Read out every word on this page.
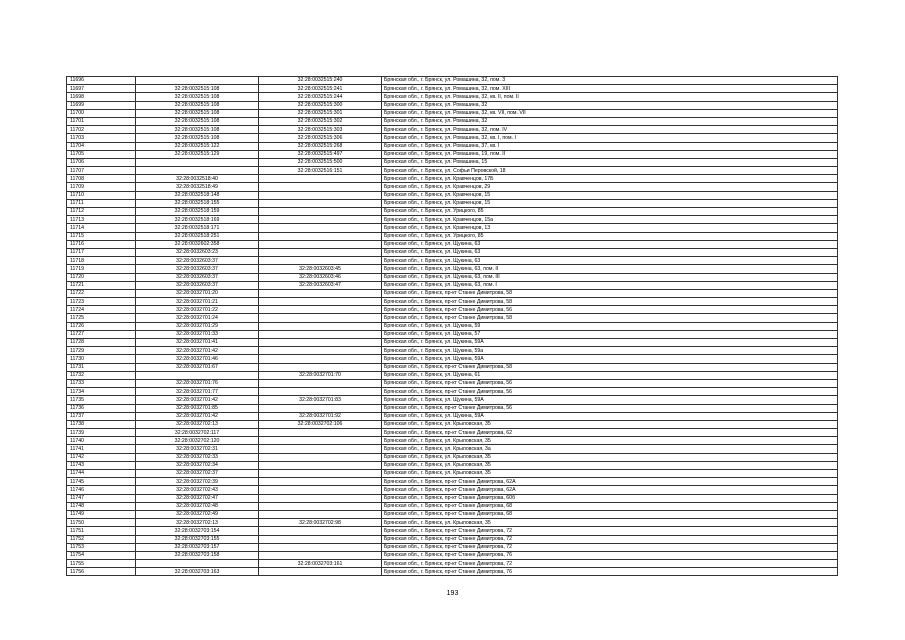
11696		32:28:0032515:240	Брянская обл., г. Брянск, ул. Ромашина, 32, пом. 3
11697	32:28:0032515:108	32:28:0032515:241	Брянская обл., г. Брянск, ул. Ромашина, 32, пом. XIII
11698	32:28:0032515:108	32:28:0032515:244	Брянская обл., г. Брянск, ул. Ромашина, 32, кв. II, пом. II
11699	32:28:0032515:108	32:28:0032515:300	Брянская обл., г. Брянск, ул. Ромашина, 32
11700	32:28:0032515:108	32:28:0032515:301	Брянская обл., г. Брянск, ул. Ромашина, 32, кв. VII, пом. VII
11701	32:28:0032515:108	32:28:0032515:302	Брянская обл., г. Брянск, ул. Ромашина, 32
11702	32:28:0032515:108	32:28:0032515:303	Брянская обл., г. Брянск, ул. Ромашина, 32, пом. IV
11703	32:28:0032515:108	32:28:0032515:306	Брянская обл., г. Брянск, ул. Ромашина, 32, кв. I, пом. I
11704	32:28:0032515:122	32:28:0032515:268	Брянская обл., г. Брянск, ул. Ромашина, 37, кв. I
11705	32:28:0032515:129	32:28:0032515:497	Брянская обл., г. Брянск, ул. Ромашина, 19, пом. II
11706		32:28:0032515:500	Брянская обл., г. Брянск, ул. Ромашина, 15
11707		32:28:0032516:151	Брянская обл., г. Брянск, ул. Софьи Перовской, 18
11708	32:28:0032518:40		Брянская обл., г. Брянск, ул. Кравченцов, 17Б
11709	32:28:0032518:49		Брянская обл., г. Брянск, ул. Кравченцов, 29
11710	32:28:0032518:148		Брянская обл., г. Брянск, ул. Кравченцов, 15
11711	32:28:0032518:155		Брянская обл., г. Брянск, ул. Кравченцов, 15
11712	32:28:0032518:159		Брянская обл., г. Брянск, ул. Урицкого, 85
11713	32:28:0032518:169		Брянская обл., г. Брянск, ул. Кравченцов, 15а
11714	32:28:0032518:171		Брянская обл., г. Брянск, ул. Кравченцов, 13
11715	32:28:0032518:251		Брянская обл., г. Брянск, ул. Урицкого, 85
11716	32:28:0032602:358		Брянская обл., г. Брянск, ул. Щукина, 63
11717	32:28:0032603:23		Брянская обл., г. Брянск, ул. Щукина, 63
11718	32:28:0032603:37		Брянская обл., г. Брянск, ул. Щукина, 63
11719	32:28:0032603:37	32:28:0032603:45	Брянская обл., г. Брянск, ул. Щукина, 63, пом. II
11720	32:28:0032603:37	32:28:0032603:46	Брянская обл., г. Брянск, ул. Щукина, 63, пом. III
11721	32:28:0032603:37	32:28:0032603:47	Брянская обл., г. Брянск, ул. Щукина, 63, пом. I
11722	32:28:0032701:20		Брянская обл., г. Брянск, пр-кт Станке Димитрова, 58
11723	32:28:0032701:21		Брянская обл., г. Брянск, пр-кт Станке Димитрова, 58
11724	32:28:0032701:22		Брянская обл., г. Брянск, пр-кт Станке Димитрова, 56
11725	32:28:0032701:24		Брянская обл., г. Брянск, пр-кт Станке Димитрова, 58
11726	32:28:0032701:29		Брянская обл., г. Брянск, ул. Щукина, 59
11727	32:28:0032701:33		Брянская обл., г. Брянск, ул. Щукина, 57
11728	32:28:0032701:41		Брянская обл., г. Брянск, ул. Щукина, 59А
11729	32:28:0032701:42		Брянская обл., г. Брянск, ул. Щукина, 59а
11730	32:28:0032701:46		Брянская обл., г. Брянск, ул. Щукина, 59А
11731	32:28:0032701:67		Брянская обл., г. Брянск, пр-кт Станке Димитрова, 58
11732		32:28:0032701:70	Брянская обл., г. Брянск, ул. Щукина, 61
11733	32:28:0032701:76		Брянская обл., г. Брянск, пр-кт Станке Димитрова, 56
11734	32:28:0032701:77		Брянская обл., г. Брянск, пр-кт Станке Димитрова, 56
11735	32:28:0032701:42	32:28:0032701:83	Брянская обл., г. Брянск, ул. Щукина, 59А
11736	32:28:0032701:85		Брянская обл., г. Брянск, пр-кт Станке Димитрова, 56
11737	32:28:0032701:42	32:28:0032701:92	Брянская обл., г. Брянск, ул. Щукина, 59А
11738	32:28:0032702:13	32:28:0032702:106	Брянская обл., г. Брянск, ул. Крыловская, 35
11739	32:28:0032702:117		Брянская обл., г. Брянск, пр-кт Станке Димитрова, 62
11740	32:28:0032702:120		Брянская обл., г. Брянск, ул. Крыловская, 35
11741	32:28:0032702:31		Брянская обл., г. Брянск, ул. Крыловская, 3а
11742	32:28:0032702:33		Брянская обл., г. Брянск, ул. Крыловская, 35
11743	32:28:0032702:34		Брянская обл., г. Брянск, ул. Крыловская, 35
11744	32:28:0032702:37		Брянская обл., г. Брянск, ул. Крыловская, 35
11745	32:28:0032702:39		Брянская обл., г. Брянск, пр-кт Станке Димитрова, 62А
11746	32:28:0032702:43		Брянская обл., г. Брянск, пр-кт Станке Димитрова, 62А
11747	32:28:0032702:47		Брянская обл., г. Брянск, пр-кт Станке Димитрова, 60б
11748	32:28:0032702:48		Брянская обл., г. Брянск, пр-кт Станке Димитрова, 68
11749	32:28:0032702:49		Брянская обл., г. Брянск, пр-кт Станке Димитрова, 68
11750	32:28:0032702:13	32:28:0032702:98	Брянская обл., г. Брянск, ул. Крыловская, 35
11751	32:28:0032703:154		Брянская обл., г. Брянск, пр-кт Станке Димитрова, 72
11752	32:28:0032703:155		Брянская обл., г. Брянск, пр-кт Станке Димитрова, 72
11753	32:28:0032703:157		Брянская обл., г. Брянск, пр-кт Станке Димитрова, 72
11754	32:28:0032703:158		Брянская обл., г. Брянск, пр-кт Станке Димитрова, 76
11755		32:28:0032703:161	Брянская обл., г. Брянск, пр-кт Станке Димитрова, 72
11756	32:28:0032703:163		Брянская обл., г. Брянск, пр-кт Станке Димитрова, 76
193
